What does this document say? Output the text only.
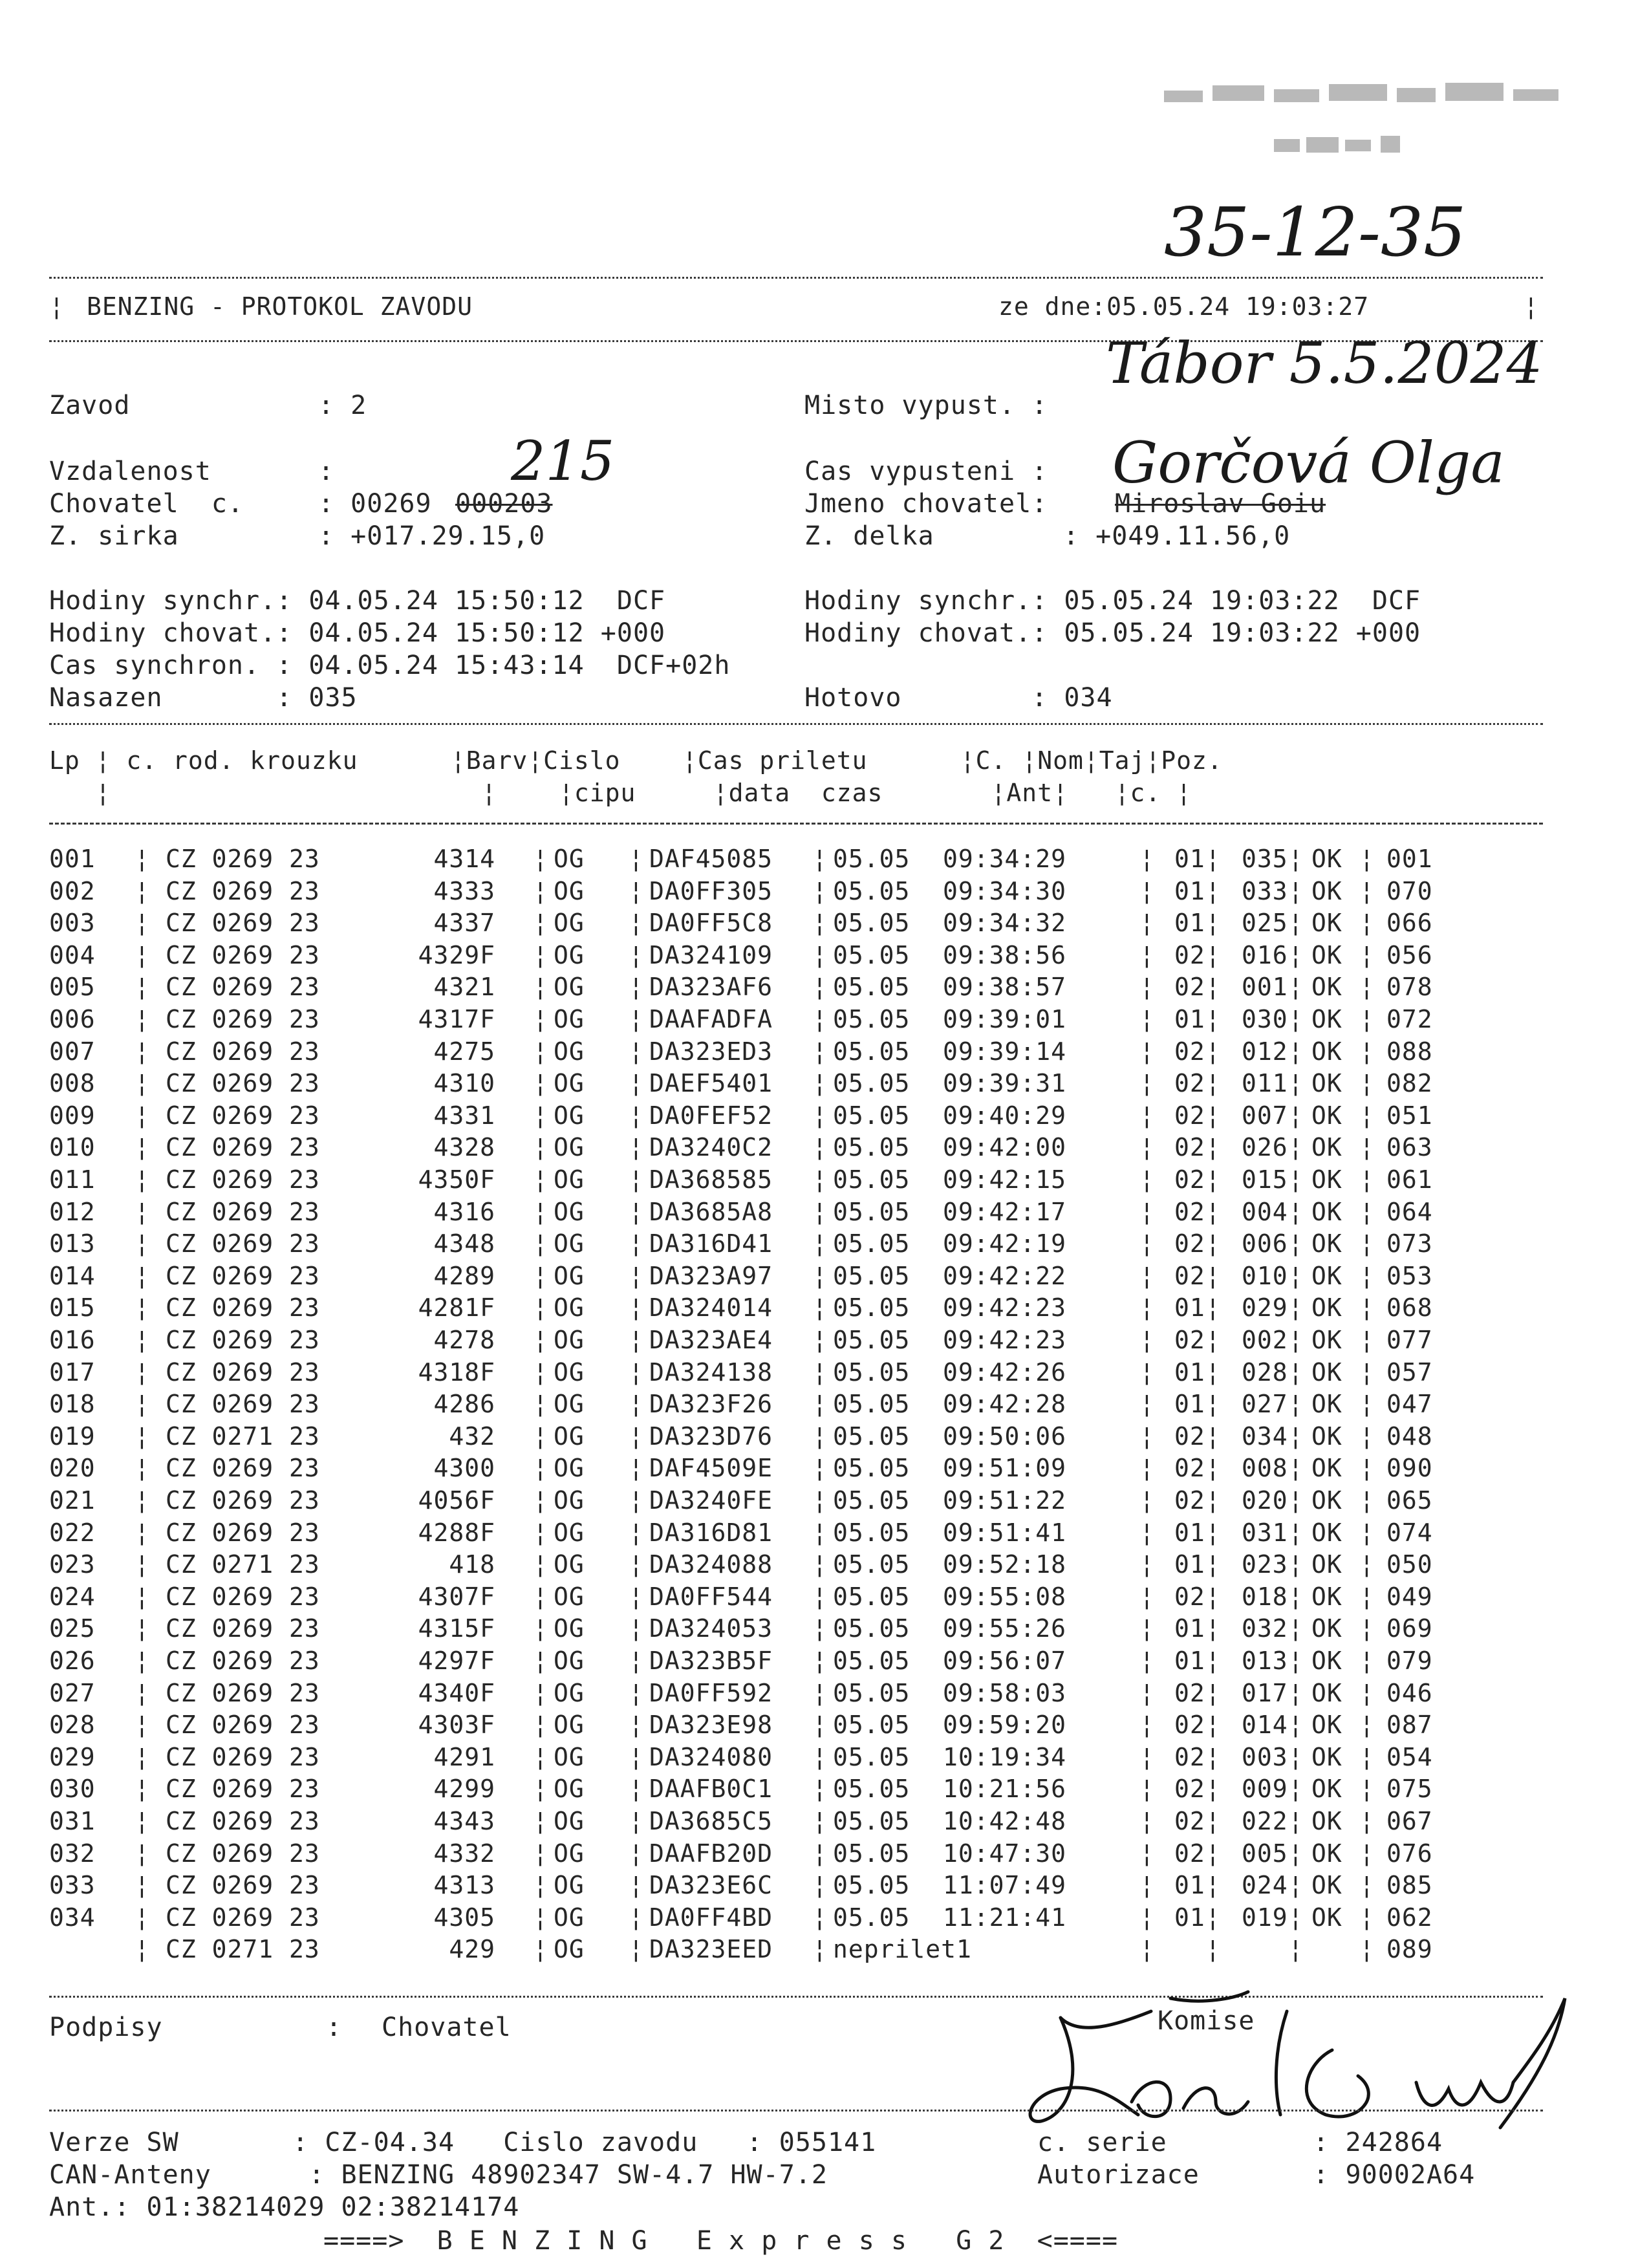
35-12-35
¦ BENZING - PROTOKOL ZAVODU	ze dne:05.05.24 19:03:27	¦
Tábor 5.5.2024
Zavod	: 2	Misto vypust. :
Vzdalenost	:	215	Cas vypusteni : Gorčová Olga
Chovatel  c.	: 00269 000203	Jmeno chovatel:	Miroslav Goiu
Z. sirka	: +017.29.15,0	Z. delka	: +049.11.56,0
Hodiny synchr.: 04.05.24 15:50:12  DCF	Hodiny synchr.: 05.05.24 19:03:22  DCF
Hodiny chovat.: 04.05.24 15:50:12 +000	Hodiny chovat.: 05.05.24 19:03:22 +000
Cas synchron. : 04.05.24 15:43:14  DCF+02h
Nasazen       : 035	Hotovo        : 034
Lp ¦ c. rod. krouzku      ¦Barv¦Cislo    ¦Cas priletu      ¦C. ¦Nom¦Taj¦Poz.
¦                        ¦    ¦cipu     ¦data  czas       ¦Ant¦   ¦c. ¦
001	CZ 0269 23	4314 OG	DAF45085 05.05 09:34:29	01 035 OK 001
¦	¦	¦	¦	¦ ¦	¦ ¦
002	CZ 0269 23	4333 OG	DA0FF305 05.05 09:34:30	01 033 OK 070
¦	¦	¦	¦	¦ ¦	¦ ¦
003	CZ 0269 23	4337 OG	DA0FF5C8 05.05 09:34:32	01 025 OK 066
¦	¦	¦	¦	¦ ¦	¦ ¦
004	CZ 0269 23	4329F OG	DA324109 05.05 09:38:56	02 016 OK 056
¦	¦	¦	¦	¦ ¦	¦ ¦
005	CZ 0269 23	4321 OG	DA323AF6 05.05 09:38:57	02 001 OK 078
¦	¦	¦	¦	¦ ¦	¦ ¦
006	CZ 0269 23	4317F OG	DAAFADFA 05.05 09:39:01	01 030 OK 072
¦	¦	¦	¦	¦ ¦	¦ ¦
007	CZ 0269 23	4275 OG	DA323ED3 05.05 09:39:14	02 012 OK 088
¦	¦	¦	¦	¦ ¦	¦ ¦
008	CZ 0269 23	4310 OG	DAEF5401 05.05 09:39:31	02 011 OK 082
¦	¦	¦	¦	¦ ¦	¦ ¦
009	CZ 0269 23	4331 OG	DA0FEF52 05.05 09:40:29	02 007 OK 051
¦	¦	¦	¦	¦ ¦	¦ ¦
010	CZ 0269 23	4328 OG	DA3240C2 05.05 09:42:00	02 026 OK 063
¦	¦	¦	¦	¦ ¦	¦ ¦
011	CZ 0269 23	4350F OG	DA368585 05.05 09:42:15	02 015 OK 061
¦	¦	¦	¦	¦ ¦	¦ ¦
012	CZ 0269 23	4316 OG	DA3685A8 05.05 09:42:17	02 004 OK 064
¦	¦	¦	¦	¦ ¦	¦ ¦
013	CZ 0269 23	4348 OG	DA316D41 05.05 09:42:19	02 006 OK 073
¦	¦	¦	¦	¦ ¦	¦ ¦
014	CZ 0269 23	4289 OG	DA323A97 05.05 09:42:22	02 010 OK 053
¦	¦	¦	¦	¦ ¦	¦ ¦
015	CZ 0269 23	4281F OG	DA324014 05.05 09:42:23	01 029 OK 068
¦	¦	¦	¦	¦ ¦	¦ ¦
016	CZ 0269 23	4278 OG	DA323AE4 05.05 09:42:23	02 002 OK 077
¦	¦	¦	¦	¦ ¦	¦ ¦
017	CZ 0269 23	4318F OG	DA324138 05.05 09:42:26	01 028 OK 057
¦	¦	¦	¦	¦ ¦	¦ ¦
018	CZ 0269 23	4286 OG	DA323F26 05.05 09:42:28	01 027 OK 047
¦	¦	¦	¦	¦ ¦	¦ ¦
019	CZ 0271 23	432 OG	DA323D76 05.05 09:50:06	02 034 OK 048
¦	¦	¦	¦	¦ ¦	¦ ¦
020	CZ 0269 23	4300 OG	DAF4509E 05.05 09:51:09	02 008 OK 090
¦	¦	¦	¦	¦ ¦	¦ ¦
021	CZ 0269 23	4056F OG	DA3240FE 05.05 09:51:22	02 020 OK 065
¦	¦	¦	¦	¦ ¦	¦ ¦
022	CZ 0269 23	4288F OG	DA316D81 05.05 09:51:41	01 031 OK 074
¦	¦	¦	¦	¦ ¦	¦ ¦
023	CZ 0271 23	418 OG	DA324088 05.05 09:52:18	01 023 OK 050
¦	¦	¦	¦	¦ ¦	¦ ¦
024	CZ 0269 23	4307F OG	DA0FF544 05.05 09:55:08	02 018 OK 049
¦	¦	¦	¦	¦ ¦	¦ ¦
025	CZ 0269 23	4315F OG	DA324053 05.05 09:55:26	01 032 OK 069
¦	¦	¦	¦	¦ ¦	¦ ¦
026	CZ 0269 23	4297F OG	DA323B5F 05.05 09:56:07	01 013 OK 079
¦	¦	¦	¦	¦ ¦	¦ ¦
027	CZ 0269 23	4340F OG	DA0FF592 05.05 09:58:03	02 017 OK 046
¦	¦	¦	¦	¦ ¦	¦ ¦
028	CZ 0269 23	4303F OG	DA323E98 05.05 09:59:20	02 014 OK 087
¦	¦	¦	¦	¦ ¦	¦ ¦
029	CZ 0269 23	4291 OG	DA324080 05.05 10:19:34	02 003 OK 054
¦	¦	¦	¦	¦ ¦	¦ ¦
030	CZ 0269 23	4299 OG	DAAFB0C1 05.05 10:21:56	02 009 OK 075
¦	¦	¦	¦	¦ ¦	¦ ¦
031	CZ 0269 23	4343 OG	DA3685C5 05.05 10:42:48	02 022 OK 067
¦	¦	¦	¦	¦ ¦	¦ ¦
032	CZ 0269 23	4332 OG	DAAFB20D 05.05 10:47:30	02 005 OK 076
¦	¦	¦	¦	¦ ¦	¦ ¦
033	CZ 0269 23	4313 OG	DA323E6C 05.05 11:07:49	01 024 OK 085
¦	¦	¦	¦	¦ ¦	¦ ¦
034	CZ 0269 23	4305 OG	DA0FF4BD 05.05 11:21:41	01 019 OK 062
¦	¦	¦	¦	¦ ¦	¦ ¦
CZ 0271 23	429 OG	DA323EED neprilet1	089
¦	¦	¦	¦	¦ ¦	¦ ¦
Podpisy	: Chovatel	Komise
Verze SW       : CZ-04.34   Cislo zavodu   : 055141	c. serie         : 242864
CAN-Anteny      : BENZING 48902347 SW-4.7 HW-7.2	Autorizace       : 90002A64
Ant.: 01:38214029 02:38214174
====>  B E N Z I N G   E x p r e s s   G 2  <====
